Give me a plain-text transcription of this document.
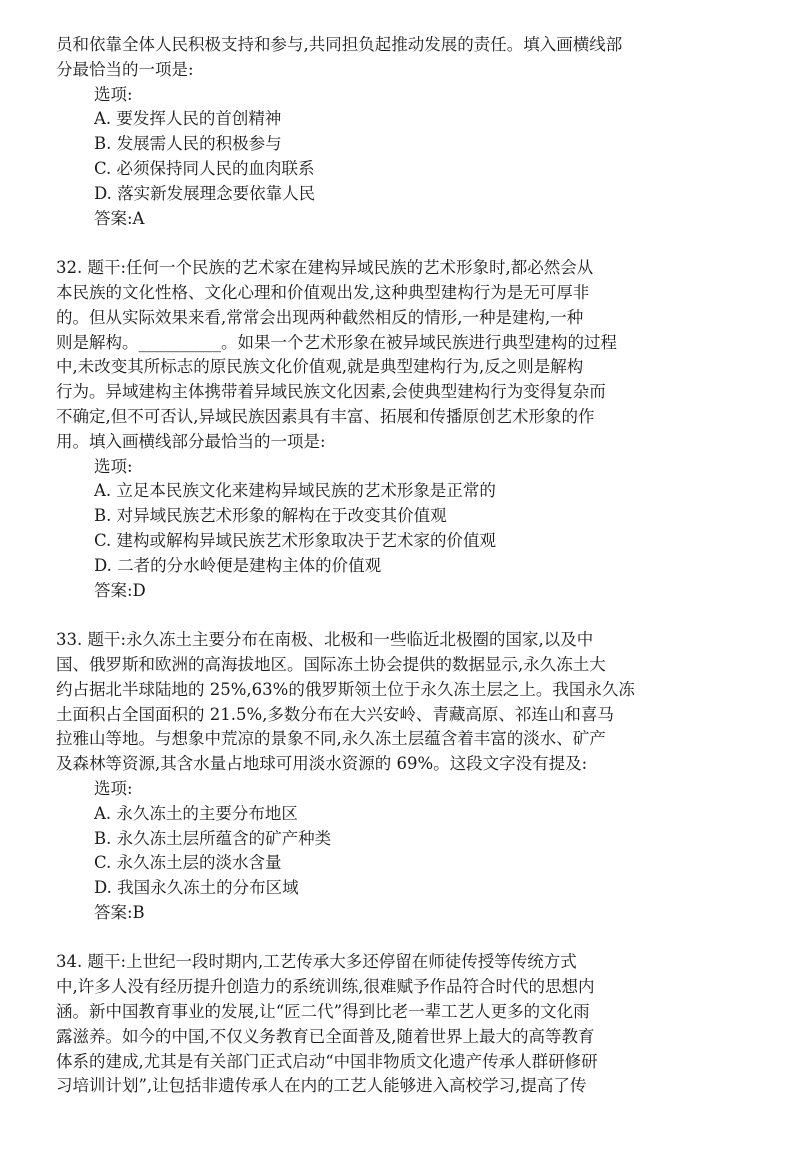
员和依靠全体人民积极支持和参与,共同担负起推动发展的责任。填入画横线部
分最恰当的一项是:
选项:
A. 要发挥人民的首创精神
B. 发展需人民的积极参与
C. 必须保持同人民的血肉联系
D. 落实新发展理念要依靠人民
答案:A
32. 题干:任何一个民族的艺术家在建构异域民族的艺术形象时,都必然会从
本民族的文化性格、文化心理和价值观出发,这种典型建构行为是无可厚非
的。但从实际效果来看,常常会出现两种截然相反的情形,一种是建构,一种
则是解构。__________。如果一个艺术形象在被异域民族进行典型建构的过程
中,未改变其所标志的原民族文化价值观,就是典型建构行为,反之则是解构
行为。异域建构主体携带着异域民族文化因素,会使典型建构行为变得复杂而
不确定,但不可否认,异域民族因素具有丰富、拓展和传播原创艺术形象的作
用。填入画横线部分最恰当的一项是:
选项:
A. 立足本民族文化来建构异域民族的艺术形象是正常的
B. 对异域民族艺术形象的解构在于改变其价值观
C. 建构或解构异域民族艺术形象取决于艺术家的价值观
D. 二者的分水岭便是建构主体的价值观
答案:D
33. 题干:永久冻土主要分布在南极、北极和一些临近北极圈的国家,以及中
国、俄罗斯和欧洲的高海拔地区。国际冻土协会提供的数据显示,永久冻土大
约占据北半球陆地的 25%,63%的俄罗斯领土位于永久冻土层之上。我国永久冻
土面积占全国面积的 21.5%,多数分布在大兴安岭、青藏高原、祁连山和喜马
拉雅山等地。与想象中荒凉的景象不同,永久冻土层蕴含着丰富的淡水、矿产
及森林等资源,其含水量占地球可用淡水资源的 69%。这段文字没有提及:
选项:
A. 永久冻土的主要分布地区
B. 永久冻土层所蕴含的矿产种类
C. 永久冻土层的淡水含量
D. 我国永久冻土的分布区域
答案:B
34. 题干:上世纪一段时期内,工艺传承大多还停留在师徒传授等传统方式
中,许多人没有经历提升创造力的系统训练,很难赋予作品符合时代的思想内
涵。新中国教育事业的发展,让“匠二代”得到比老一辈工艺人更多的文化雨
露滋养。如今的中国,不仅义务教育已全面普及,随着世界上最大的高等教育
体系的建成,尤其是有关部门正式启动“中国非物质文化遗产传承人群研修研
习培训计划”,让包括非遗传承人在内的工艺人能够进入高校学习,提高了传
